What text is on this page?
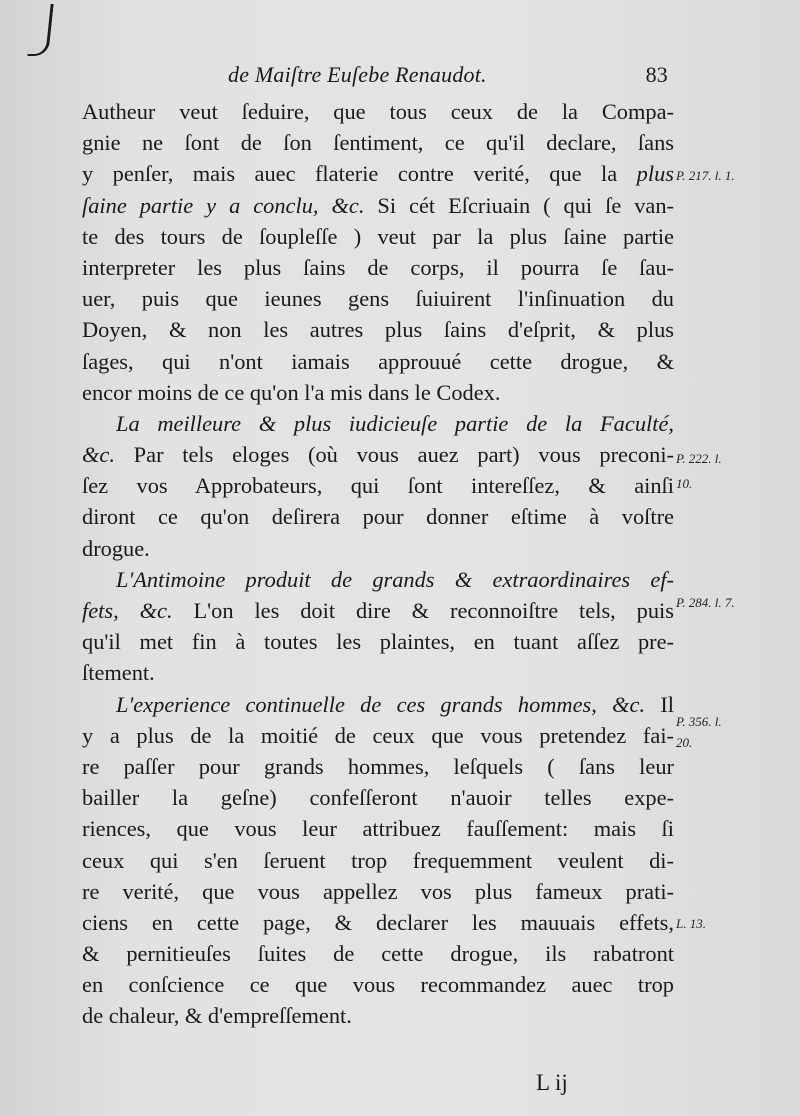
de Maiſtre Euſebe Renaudot.	83
Autheur veut ſeduire, que tous ceux de la Compa-
gnie ne ſont de ſon ſentiment, ce qu'il declare, ſans
y penſer, mais auec flaterie contre verité, que la plus
ſaine partie y a conclu, &c. Si cét Eſcriuain ( qui ſe van-
te des tours de ſoupleſſe ) veut par la plus ſaine partie
interpreter les plus ſains de corps, il pourra ſe ſau-
uer, puis que ieunes gens ſuiuirent l'inſinuation du
Doyen, & non les autres plus ſains d'eſprit, & plus
ſages, qui n'ont iamais approuué cette drogue, &
encor moins de ce qu'on l'a mis dans le Codex.
La meilleure & plus iudicieuſe partie de la Faculté,
&c. Par tels eloges (où vous auez part) vous preconi-
ſez vos Approbateurs, qui ſont intereſſez, & ainſi
diront ce qu'on deſirera pour donner eſtime à voſtre
drogue.
L'Antimoine produit de grands & extraordinaires ef-
fets, &c. L'on les doit dire & reconnoiſtre tels, puis
qu'il met fin à toutes les plaintes, en tuant aſſez pre-
ſtement.
L'experience continuelle de ces grands hommes, &c. Il
y a plus de la moitié de ceux que vous pretendez fai-
re paſſer pour grands hommes, leſquels ( ſans leur
bailler la geſne) confeſſeront n'auoir telles expe-
riences, que vous leur attribuez fauſſement: mais ſi
ceux qui s'en ſeruent trop frequemment veulent di-
re verité, que vous appellez vos plus fameux prati-
ciens en cette page, & declarer les mauuais effets,
& pernitieuſes ſuites de cette drogue, ils rabatront
en conſcience ce que vous recommandez auec trop
de chaleur, & d'empreſſement.
P. 217. l. 1.
P. 222. l.
10.
P. 284. l. 7.
P. 356. l.
20.
L. 13.
L ij
